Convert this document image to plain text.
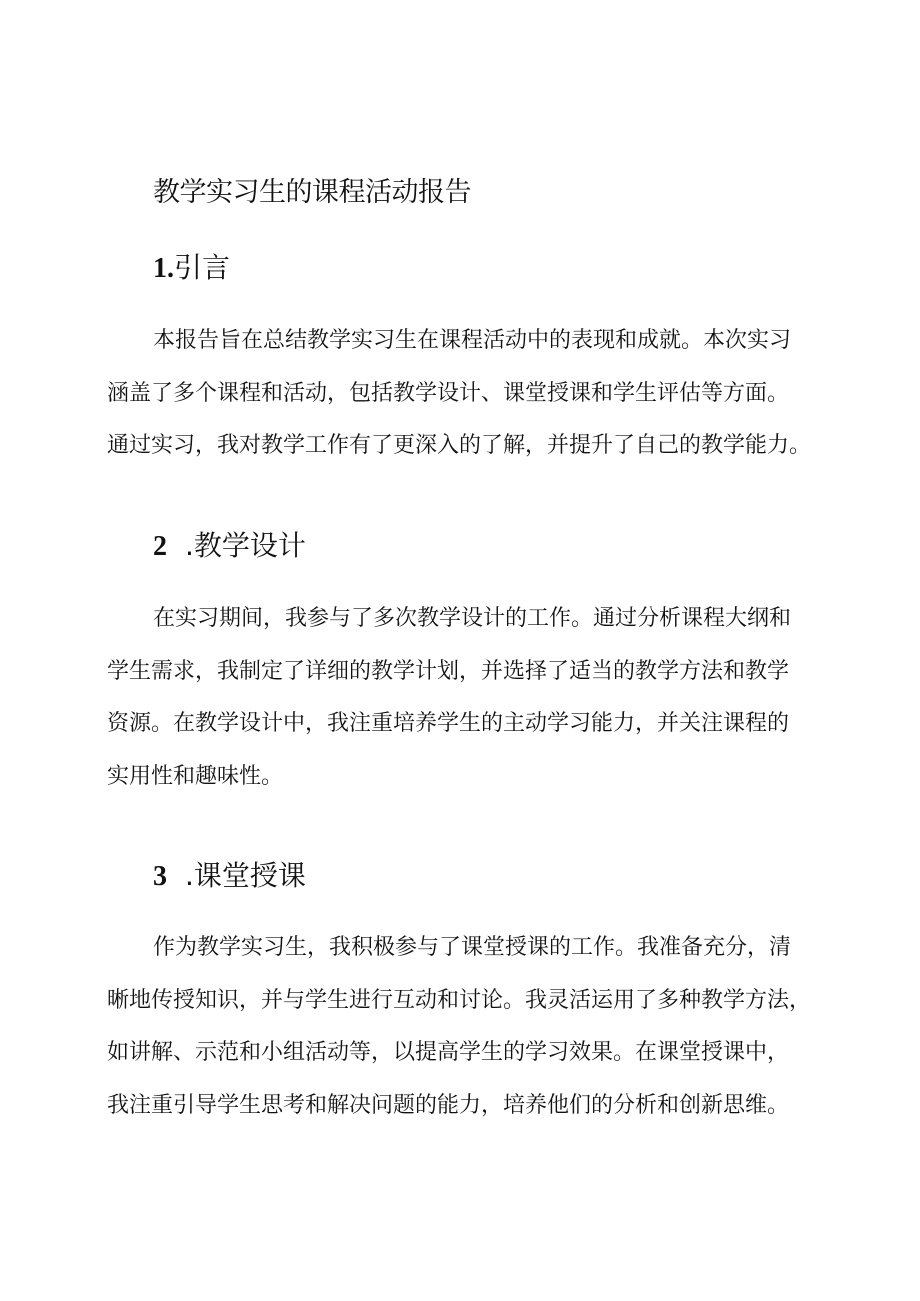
教学实习生的课程活动报告
1.引言
本报告旨在总结教学实习生在课程活动中的表现和成就。本次实习
涵盖了多个课程和活动，包括教学设计、课堂授课和学生评估等方面。
通过实习，我对教学工作有了更深入的了解，并提升了自己的教学能力。
2 .教学设计
在实习期间，我参与了多次教学设计的工作。通过分析课程大纲和
学生需求，我制定了详细的教学计划，并选择了适当的教学方法和教学
资源。在教学设计中，我注重培养学生的主动学习能力，并关注课程的
实用性和趣味性。
3 .课堂授课
作为教学实习生，我积极参与了课堂授课的工作。我准备充分，清
晰地传授知识，并与学生进行互动和讨论。我灵活运用了多种教学方法，
如讲解、示范和小组活动等，以提高学生的学习效果。在课堂授课中，
我注重引导学生思考和解决问题的能力，培养他们的分析和创新思维。
